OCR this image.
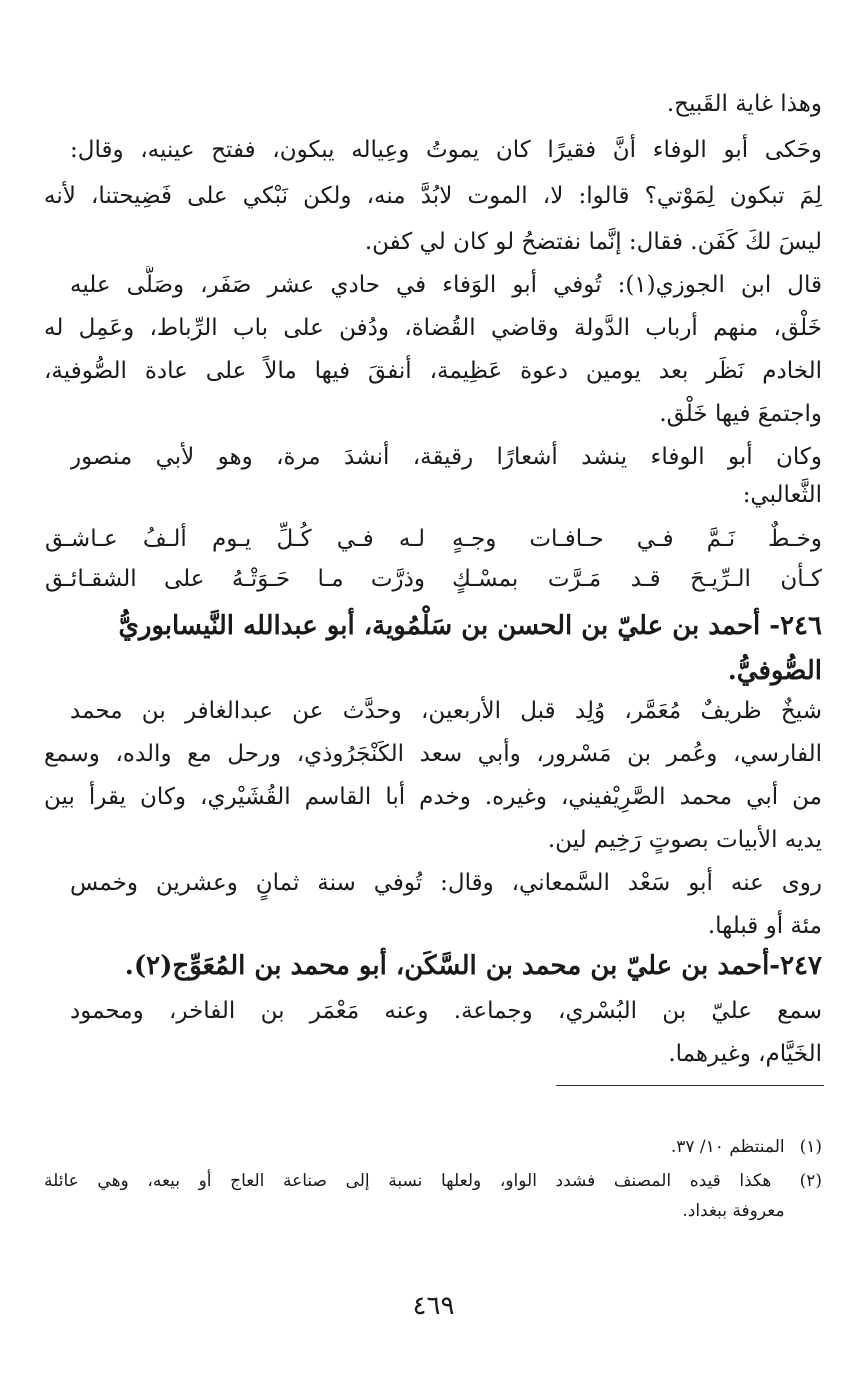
وهذا غاية القَبيح.
وحَكى أبو الوفاء أنَّ فقيرًا كان يموتُ وعِياله يبكون، ففتح عينيه، وقال:
لِمَ تبكون لِمَوْتي؟ قالوا: لا، الموت لابُدَّ منه، ولكن نَبْكي على فَضِيحتنا، لأنه
ليسَ لكَ كَفَن. فقال: إنَّما نفتضحُ لو كان لي كفن.
قال ابن الجوزي(١): تُوفي أبو الوَفاء في حادي عشر صَفَر، وصَلَّى عليه
خَلْق، منهم أرباب الدَّولة وقاضي القُضاة، ودُفن على باب الرِّباط، وعَمِل له
الخادم نَظَر بعد يومين دعوة عَظِيمة، أنفقَ فيها مالاً على عادة الصُّوفية،
واجتمعَ فيها خَلْق.
وكان أبو الوفاء ينشد أشعارًا رقيقة، أنشدَ مرة، وهو لأبي منصور
الثَّعالبي:
وخـطٌ نَـمَّ فـي حـافـات وجـهٍ
لـه فـي كُـلِّ يـوم ألـفُ عـاشـق
كـأن الـرِّيـحَ قـد مَـرَّت بمسْـكٍ
وذرَّت مـا حَـوَتْـهُ على الشقـائـق
٢٤٦- أحمد بن عليّ بن الحسن بن سَلْمُوية، أبو عبدالله النَّيسابوريُّ
الصُّوفيُّ.
شيخٌ ظريفٌ مُعَمَّر، وُلِد قبل الأربعين، وحدَّث عن عبدالغافر بن محمد
الفارسي، وعُمر بن مَسْرور، وأبي سعد الكَنْجَرُوذي، ورحل مع والده، وسمع
من أبي محمد الصَّرِيْفيني، وغيره. وخدم أبا القاسم القُشَيْري، وكان يقرأ بين
يديه الأبيات بصوتٍ رَخِيم لين.
روى عنه أبو سَعْد السَّمعاني، وقال: تُوفي سنة ثمانٍ وعشرين وخمس
مئة أو قبلها.
٢٤٧-أحمد بن عليّ بن محمد بن السَّكَن، أبو محمد بن المُعَوِّج(٢).
سمع عليّ بن البُسْري، وجماعة. وعنه مَعْمَر بن الفاخر، ومحمود
الخَيَّام، وغيرهما.
(١) المنتظم ١٠/ ٣٧.
(٢) هكذا قيده المصنف فشدد الواو، ولعلها نسبة إلى صناعة العاج أو بيعه، وهي عائلة
معروفة ببغداد.
٤٦٩
